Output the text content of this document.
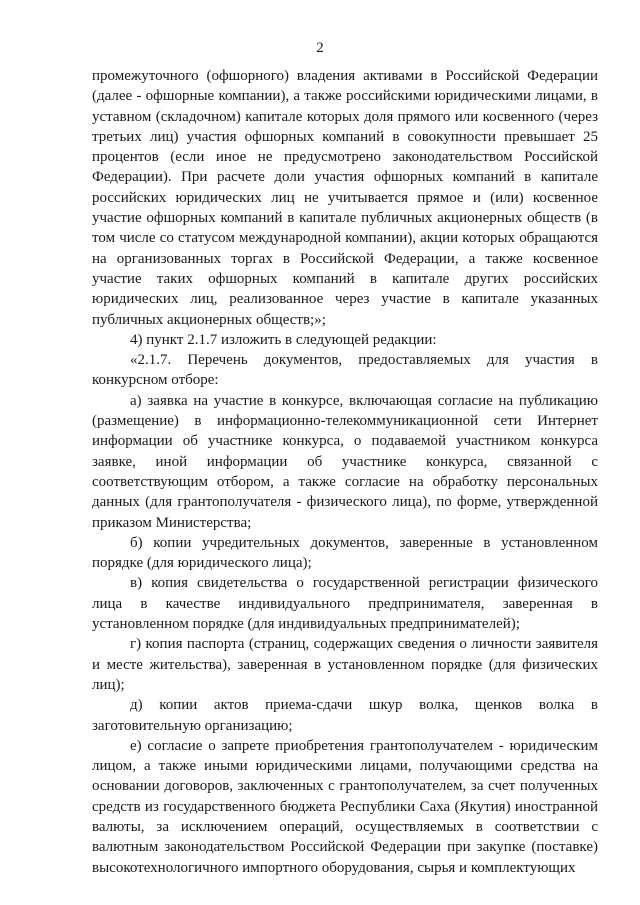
2

промежуточного (офшорного) владения активами в Российской Федерации (далее - офшорные компании), а также российскими юридическими лицами, в уставном (складочном) капитале которых доля прямого или косвенного (через третьих лиц) участия офшорных компаний в совокупности превышает 25 процентов (если иное не предусмотрено законодательством Российской Федерации). При расчете доли участия офшорных компаний в капитале российских юридических лиц не учитывается прямое и (или) косвенное участие офшорных компаний в капитале публичных акционерных обществ (в том числе со статусом международной компании), акции которых обращаются на организованных торгах в Российской Федерации, а также косвенное участие таких офшорных компаний в капитале других российских юридических лиц, реализованное через участие в капитале указанных публичных акционерных обществ;»;

4) пункт 2.1.7 изложить в следующей редакции:

«2.1.7. Перечень документов, предоставляемых для участия в конкурсном отборе:

а) заявка на участие в конкурсе, включающая согласие на публикацию (размещение) в информационно-телекоммуникационной сети Интернет информации об участнике конкурса, о подаваемой участником конкурса заявке, иной информации об участнике конкурса, связанной с соответствующим отбором, а также согласие на обработку персональных данных (для грантополучателя - физического лица), по форме, утвержденной приказом Министерства;

б) копии учредительных документов, заверенные в установленном порядке (для юридического лица);

в) копия свидетельства о государственной регистрации физического лица в качестве индивидуального предпринимателя, заверенная в установленном порядке (для индивидуальных предпринимателей);

г) копия паспорта (страниц, содержащих сведения о личности заявителя и месте жительства), заверенная в установленном порядке (для физических лиц);

д) копии актов приема-сдачи шкур волка, щенков волка в заготовительную организацию;

е) согласие о запрете приобретения грантополучателем - юридическим лицом, а также иными юридическими лицами, получающими средства на основании договоров, заключенных с грантополучателем, за счет полученных средств из государственного бюджета Республики Саха (Якутия) иностранной валюты, за исключением операций, осуществляемых в соответствии с валютным законодательством Российской Федерации при закупке (поставке) высокотехнологичного импортного оборудования, сырья и комплектующих
